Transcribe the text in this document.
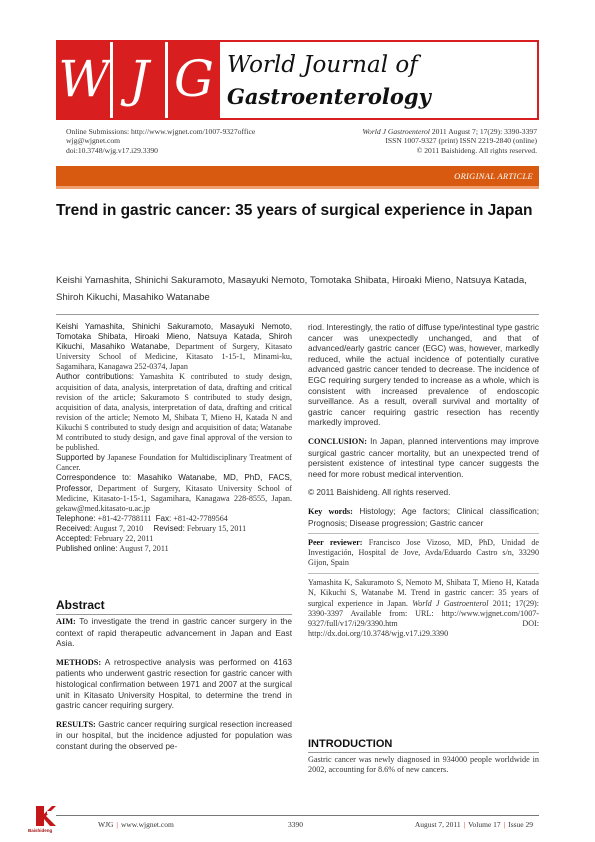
W J G World Journal of
Gastroenterology
Online Submissions: http://www.wjgnet.com/1007-9327office
wjg@wjgnet.com
doi:10.3748/wjg.v17.i29.3390
World J Gastroenterol 2011 August 7; 17(29): 3390-3397
ISSN 1007-9327 (print) ISSN 2219-2840 (online)
© 2011 Baishideng. All rights reserved.
ORIGINAL ARTICLE
Trend in gastric cancer: 35 years of surgical experience in Japan
Keishi Yamashita, Shinichi Sakuramoto, Masayuki Nemoto, Tomotaka Shibata, Hiroaki Mieno, Natsuya Katada, Shiroh Kikuchi, Masahiko Watanabe

Keishi Yamashita, Shinichi Sakuramoto, Masayuki Nemoto, Tomotaka Shibata, Hiroaki Mieno, Natsuya Katada, Shiroh Kikuchi, Masahiko Watanabe, Department of Surgery, Kitasato University School of Medicine, Kitasato 1-15-1, Minami-ku, Sagamihara, Kanagawa 252-0374, Japan

Author contributions: Yamashita K contributed to study design, acquisition of data, analysis, interpretation of data, drafting and critical revision of the article; Sakuramoto S contributed to study design, acquisition of data, analysis, interpretation of data, drafting and critical revision of the article; Nemoto M, Shibata T, Mieno H, Katada N and Kikuchi S contributed to study design and acquisition of data; Watanabe M contributed to study design, and gave final approval of the version to be published.

Supported by Japanese Foundation for Multidisciplinary Treatment of Cancer.

Correspondence to: Masahiko Watanabe, MD, PhD, FACS, Professor, Department of Surgery, Kitasato University School of Medicine, Kitasato-1-15-1, Sagamihara, Kanagawa 228-8555, Japan. gekaw@med.kitasato-u.ac.jp

Telephone: +81-42-7788111 Fax: +81-42-7789564

Received: August 7, 2010 Revised: February 15, 2011

Accepted: February 22, 2011

Published online: August 7, 2011

Abstract

AIM: To investigate the trend in gastric cancer surgery in the context of rapid therapeutic advancement in Japan and East Asia.

METHODS: A retrospective analysis was performed on 4163 patients who underwent gastric resection for gastric cancer with histological confirmation between 1971 and 2007 at the surgical unit in Kitasato University Hospital, to determine the trend in gastric cancer requiring surgery.

RESULTS: Gastric cancer requiring surgical resection increased in our hospital, but the incidence adjusted for population was constant during the observed pe-

riod. Interestingly, the ratio of diffuse type/intestinal type gastric cancer was unexpectedly unchanged, and that of advanced/early gastric cancer (EGC) was, however, markedly reduced, while the actual incidence of potentially curative advanced gastric cancer tended to decrease. The incidence of EGC requiring surgery tended to increase as a whole, which is consistent with increased prevalence of endoscopic surveillance. As a result, overall survival and mortality of gastric cancer requiring gastric resection has recently markedly improved.

CONCLUSION: In Japan, planned interventions may improve surgical gastric cancer mortality, but an unexpected trend of persistent existence of intestinal type cancer suggests the need for more robust medical intervention.

© 2011 Baishideng. All rights reserved.

Key words: Histology; Age factors; Clinical classification; Prognosis; Disease progression; Gastric cancer

Peer reviewer: Francisco Jose Vizoso, MD, PhD, Unidad de Investigación, Hospital de Jove, Avda/Eduardo Castro s/n, 33290 Gijon, Spain

Yamashita K, Sakuramoto S, Nemoto M, Shibata T, Mieno H, Katada N, Kikuchi S, Watanabe M. Trend in gastric cancer: 35 years of surgical experience in Japan. World J Gastroenterol 2011; 17(29): 3390-3397 Available from: URL: http://www.wjgnet.com/1007-9327/full/v17/i29/3390.htm DOI: http://dx.doi.org/10.3748/wjg.v17.i29.3390

INTRODUCTION
Gastric cancer was newly diagnosed in 934000 people worldwide in 2002, accounting for 8.6% of new cancers.
Baishideng
WJG | www.wjgnet.com	3390	August 7, 2011 | Volume 17 | Issue 29
